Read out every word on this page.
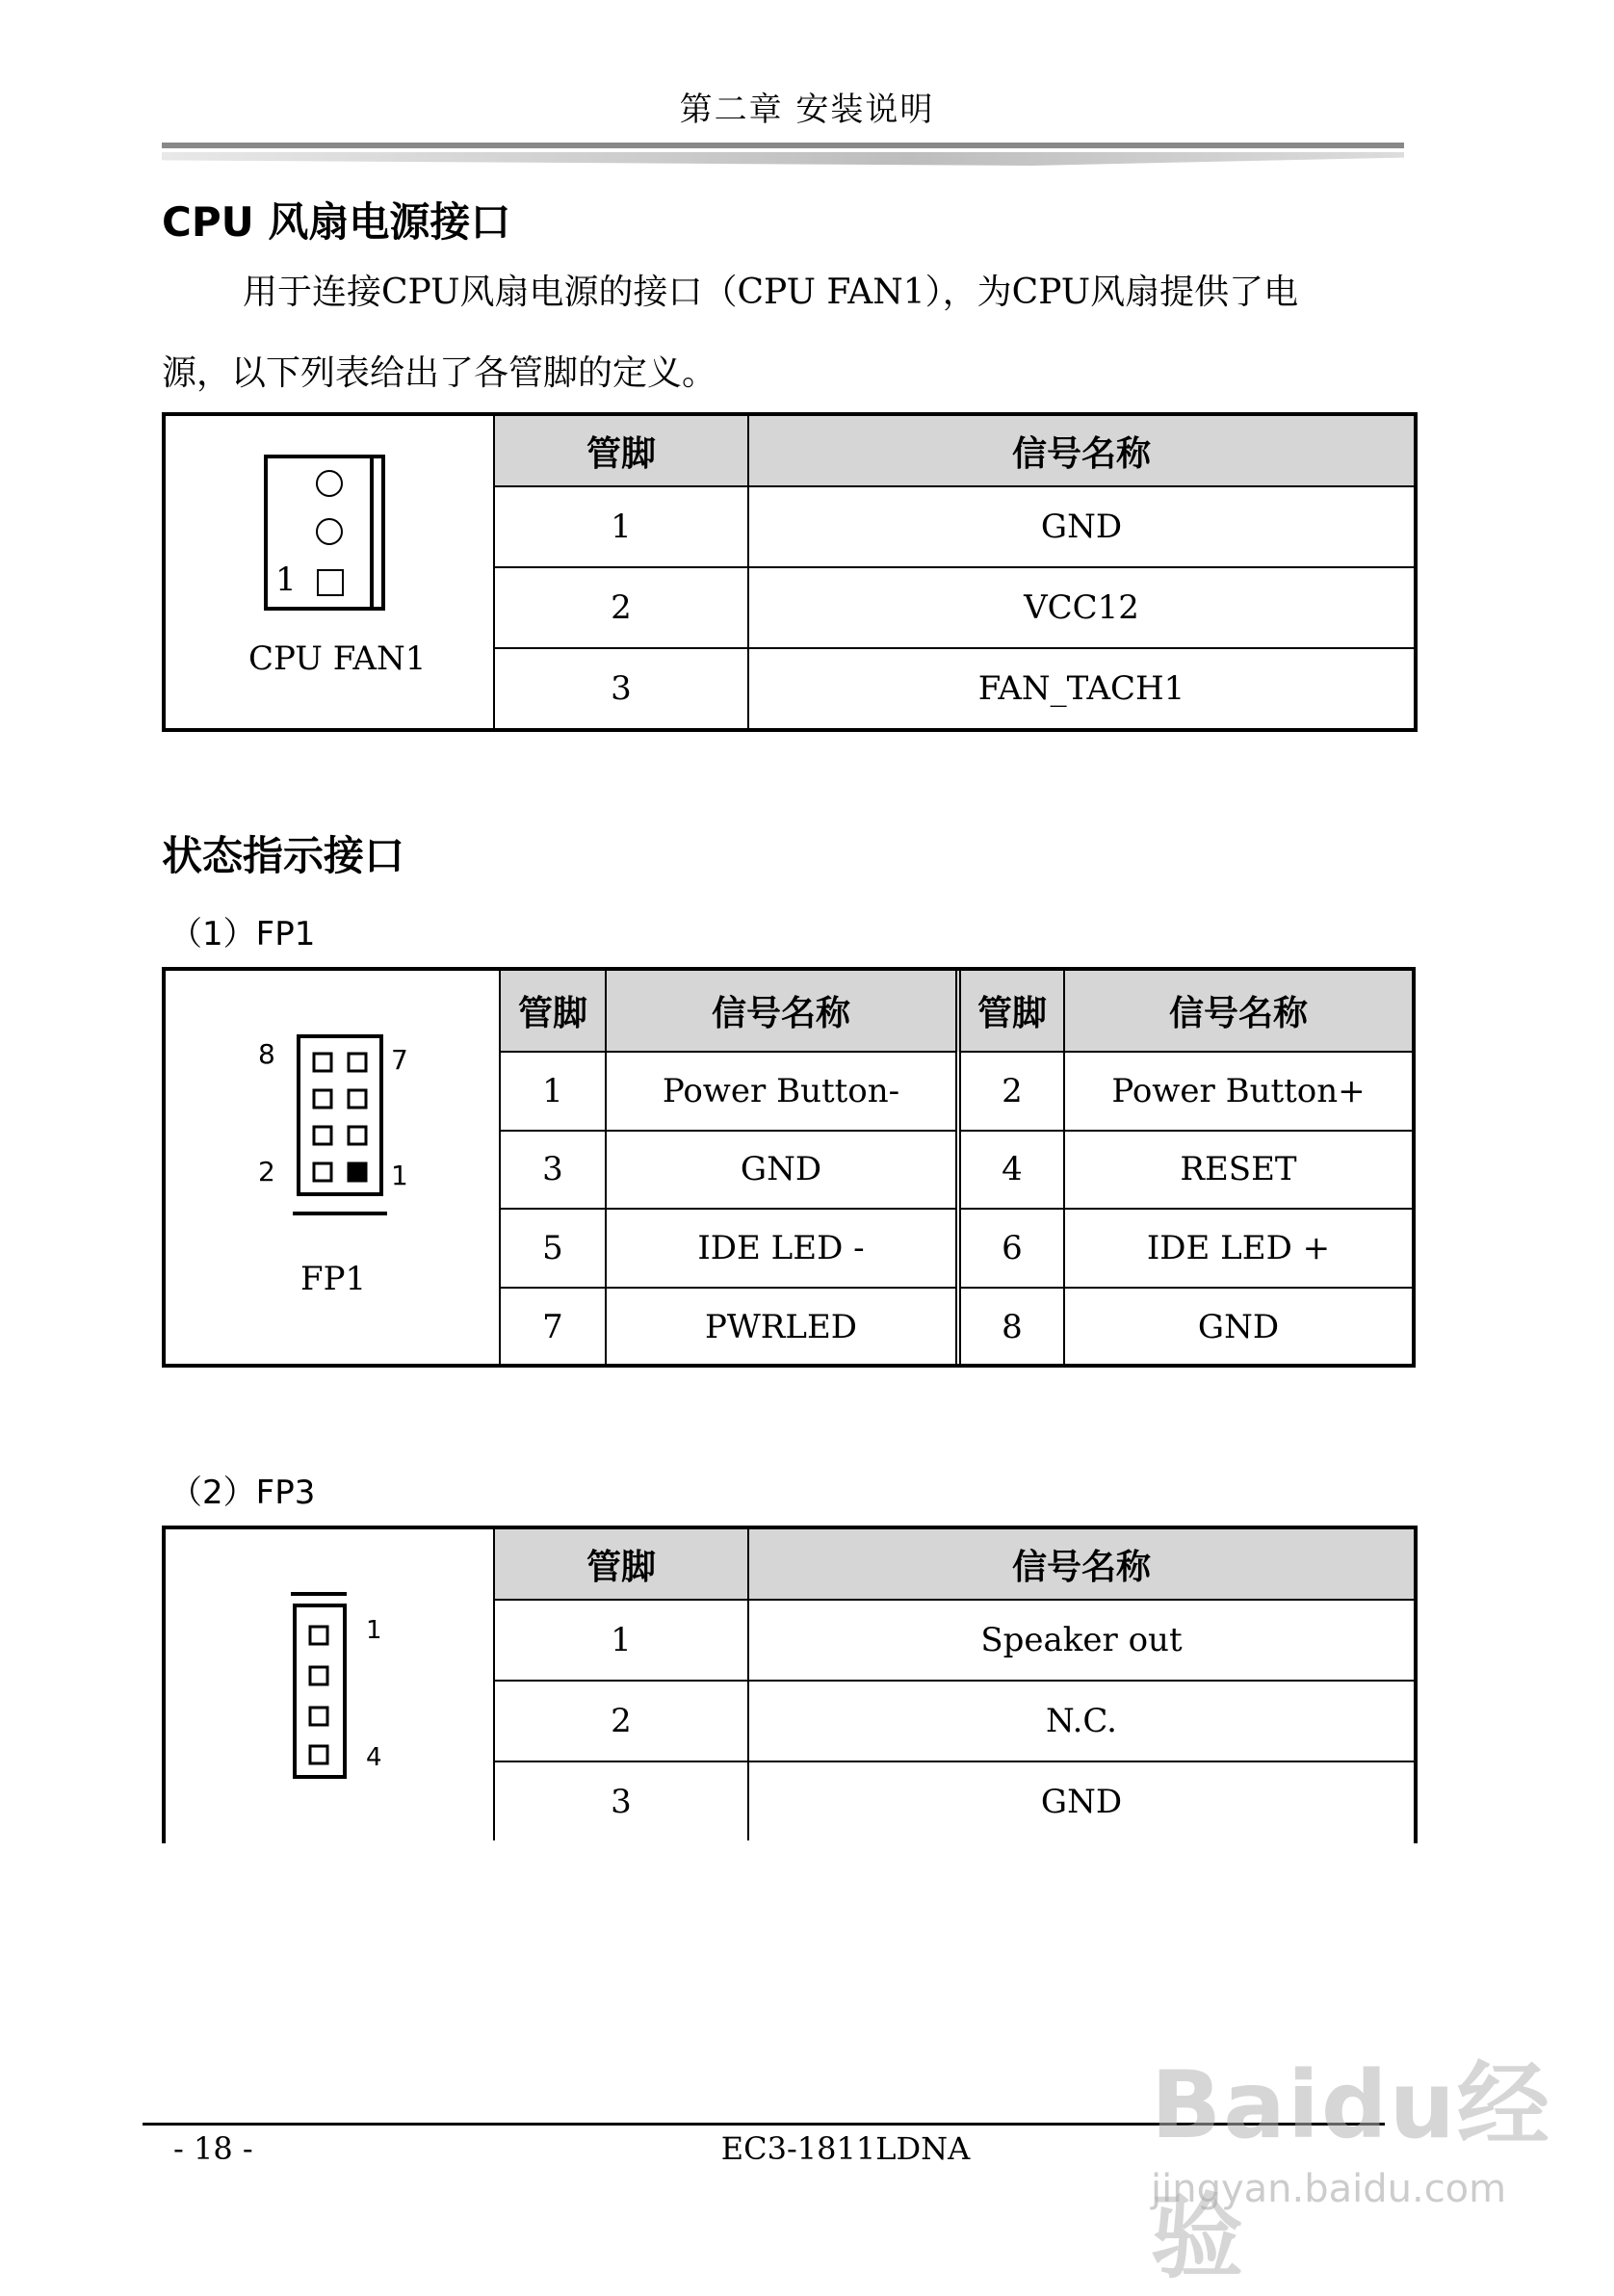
第二章 安装说明
CPU 风扇电源接口
用于连接CPU风扇电源的接口（CPU FAN1），为CPU风扇提供了电
源，以下列表给出了各管脚的定义。
1
CPU FAN1	管脚	信号名称
	1	GND
	2	VCC12
	3	FAN_TACH1
状态指示接口
（1）FP1
8 7
2 1
FP1	管脚	信号名称	管脚	信号名称
	1	Power Button-	2	Power Button+
	3	GND	4	RESET
	5	IDE LED -	6	IDE LED +
	7	PWRLED	8	GND
（2）FP3
1
4	管脚	信号名称
	1	Speaker out
	2	N.C.
	3	GND
- 18 -	EC3-1811LDNA	Baidu经验
jingyan.baidu.com
